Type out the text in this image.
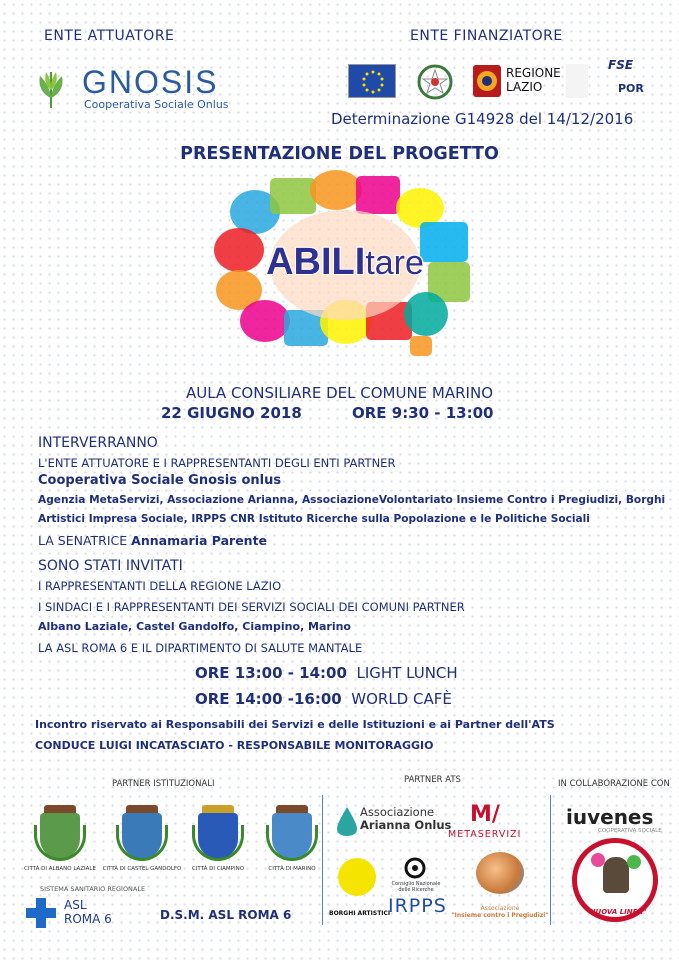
ENTE ATTUATORE	ENTE FINANZIATORE
GNOSIS
Cooperativa Sociale Onlus
REGIONE
LAZIO
FSE
POR
Determinazione G14928 del 14/12/2016
PRESENTAZIONE DEL PROGETTO
ABILItare
AULA CONSILIARE DEL COMUNE MARINO
22 GIUGNO 2018	ORE 9:30 - 13:00
INTERVERRANNO
L'ENTE ATTUATORE E I RAPPRESENTANTI DEGLI ENTI PARTNER
Cooperativa Sociale Gnosis onlus
Agenzia MetaServizi, Associazione Arianna, AssociazioneVolontariato Insieme Contro i Pregiudizi, Borghi
Artistici Impresa Sociale, IRPPS CNR Istituto Ricerche sulla Popolazione e le Politiche Sociali
LA SENATRICE Annamaria Parente
SONO STATI INVITATI
I RAPPRESENTANTI DELLA REGIONE LAZIO
I SINDACI E I RAPPRESENTANTI DEI SERVIZI SOCIALI DEI COMUNI PARTNER
Albano Laziale, Castel Gandolfo, Ciampino, Marino
LA ASL ROMA 6 E IL DIPARTIMENTO DI SALUTE MANTALE
ORE 13:00 - 14:00 LIGHT LUNCH
ORE 14:00 -16:00 WORLD CAFÈ
Incontro riservato ai Responsabili dei Servizi e delle Istituzioni e ai Partner dell'ATS
CONDUCE LUIGI INCATASCIATO - RESPONSABILE MONITORAGGIO
PARTNER ISTITUZIONALI	PARTNER ATS	IN COLLABORAZIONE CON
CITTÀ DI ALBANO LAZIALE	CITTÀ DI CASTEL GANDOLFO	CITTÀ DI CIAMPINO	CITTÀ DI MARINO
SISTEMA SANITARIO REGIONALE
ASL
ROMA 6	D.S.M. ASL ROMA 6
Associazione
Arianna Onlus M/
METASERVIZI
BORGHI ARTISTICI
Consiglio Nazionale
delle Ricerche
IRPPS	Associazione
"Insieme contro i Pregiudizi"
iuvenes
COOPERATIVA SOCIALE
"NUOVA LINEA"
